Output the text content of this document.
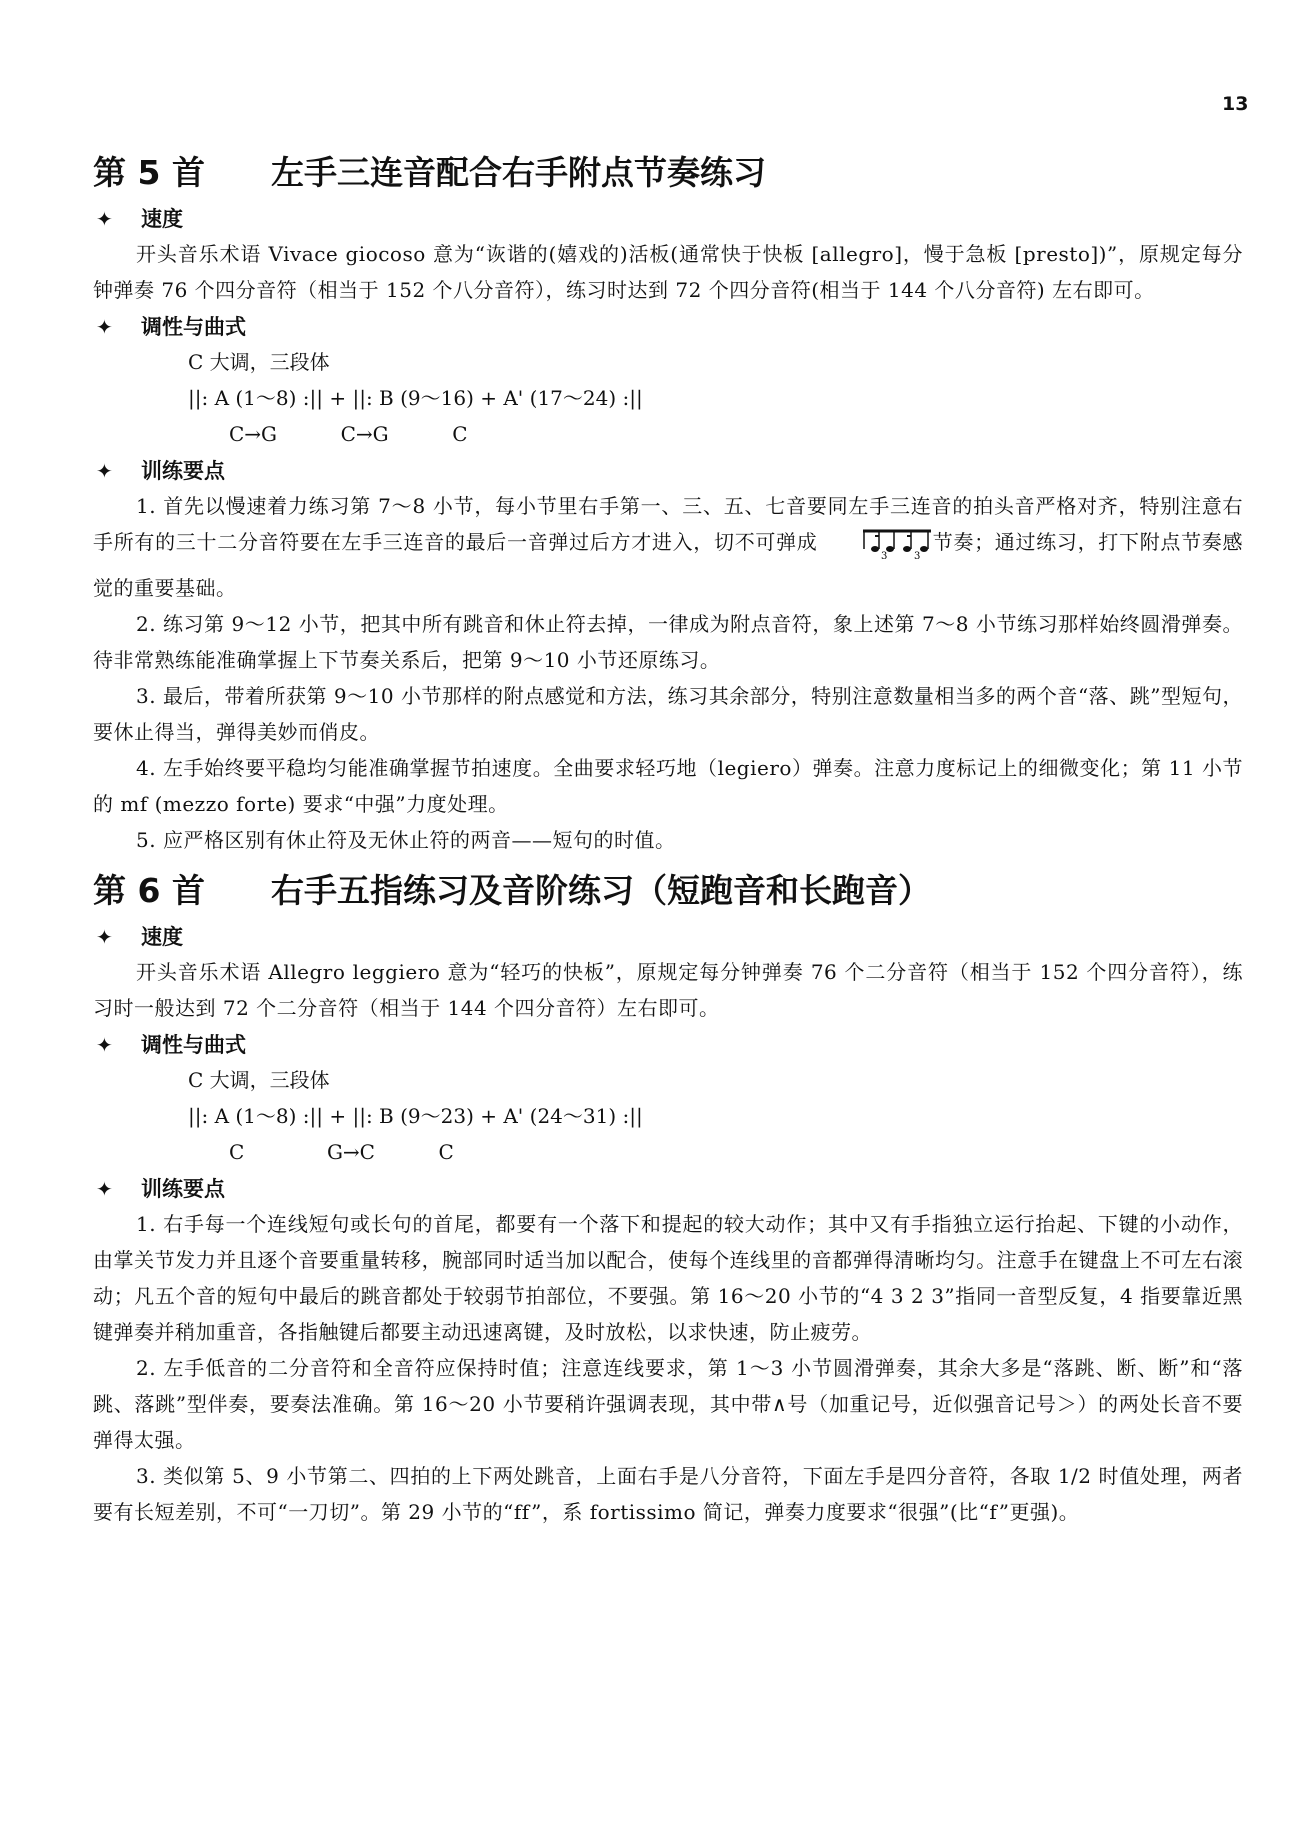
13
第 5 首 左手三连音配合右手附点节奏练习
✦	速度

开头音乐术语 Vivace giocoso 意为“诙谐的(嬉戏的)活板(通常快于快板 [allegro]，慢于急板 [presto])”，原规定每分钟弹奏 76 个四分音符（相当于 152 个八分音符），练习时达到 72 个四分音符(相当于 144 个八分音符) 左右即可。

✦	调性与曲式
C 大调，三段体
||: A (1～8) :|| + ||: B (9～16) + A' (17～24) :||
C→G          C→G          C
✦	训练要点

1. 首先以慢速着力练习第 7～8 小节，每小节里右手第一、三、五、七音要同左手三连音的拍头音严格对齐，特别注意右手所有的三十二分音符要在左手三连音的最后一音弹过后方才进入，切不可弹成
3	3
节奏；通过练习，打下附点节奏感觉的重要基础。

2. 练习第 9～12 小节，把其中所有跳音和休止符去掉，一律成为附点音符，象上述第 7～8 小节练习那样始终圆滑弹奏。待非常熟练能准确掌握上下节奏关系后，把第 9～10 小节还原练习。

3. 最后，带着所获第 9～10 小节那样的附点感觉和方法，练习其余部分，特别注意数量相当多的两个音“落、跳”型短句，要休止得当，弹得美妙而俏皮。

4. 左手始终要平稳均匀能准确掌握节拍速度。全曲要求轻巧地（legiero）弹奏。注意力度标记上的细微变化；第 11 小节的 mf (mezzo forte) 要求“中强”力度处理。

5. 应严格区别有休止符及无休止符的两音——短句的时值。

第 6 首 右手五指练习及音阶练习（短跑音和长跑音）
✦	速度

开头音乐术语 Allegro leggiero 意为“轻巧的快板”，原规定每分钟弹奏 76 个二分音符（相当于 152 个四分音符），练习时一般达到 72 个二分音符（相当于 144 个四分音符）左右即可。

✦	调性与曲式
C 大调，三段体
||: A (1～8) :|| + ||: B (9～23) + A' (24～31) :||
C             G→C          C
✦	训练要点

1. 右手每一个连线短句或长句的首尾，都要有一个落下和提起的较大动作；其中又有手指独立运行抬起、下键的小动作，由掌关节发力并且逐个音要重量转移，腕部同时适当加以配合，使每个连线里的音都弹得清晰均匀。注意手在键盘上不可左右滚动；凡五个音的短句中最后的跳音都处于较弱节拍部位，不要强。第 16～20 小节的“4 3 2 3”指同一音型反复，4 指要靠近黑键弹奏并稍加重音，各指触键后都要主动迅速离键，及时放松，以求快速，防止疲劳。

2. 左手低音的二分音符和全音符应保持时值；注意连线要求，第 1～3 小节圆滑弹奏，其余大多是“落跳、断、断”和“落跳、落跳”型伴奏，要奏法准确。第 16～20 小节要稍许强调表现，其中带∧号（加重记号，近似强音记号＞）的两处长音不要弹得太强。

3. 类似第 5、9 小节第二、四拍的上下两处跳音，上面右手是八分音符，下面左手是四分音符，各取 1/2 时值处理，两者要有长短差别，不可“一刀切”。第 29 小节的“ff”，系 fortissimo 简记，弹奏力度要求“很强”(比“f”更强)。
